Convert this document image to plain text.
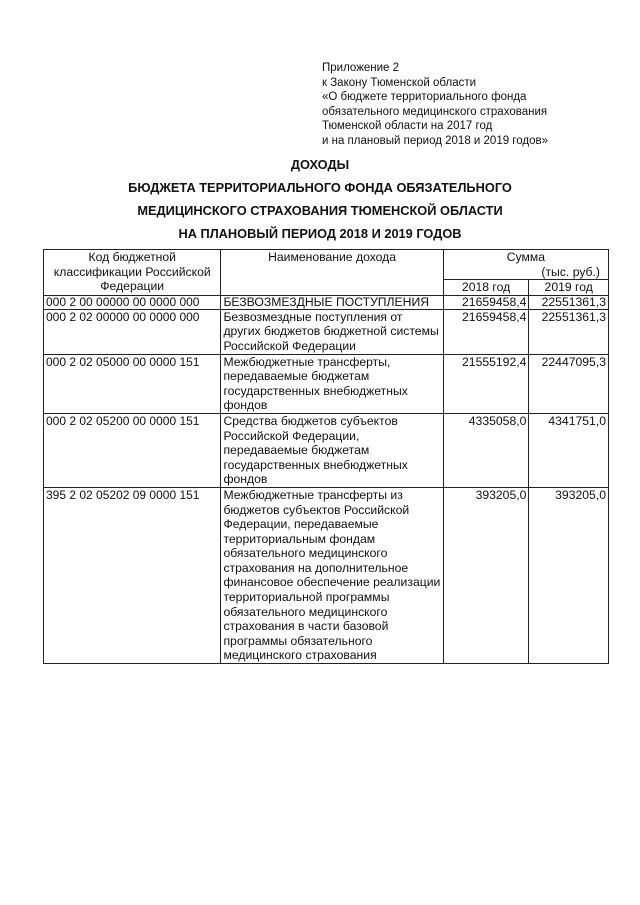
Приложение 2
к Закону Тюменской области
«О бюджете территориального фонда
обязательного медицинского страхования
Тюменской области на 2017 год
и на плановый период 2018 и 2019 годов»
ДОХОДЫ
БЮДЖЕТА ТЕРРИТОРИАЛЬНОГО ФОНДА ОБЯЗАТЕЛЬНОГО
МЕДИЦИНСКОГО СТРАХОВАНИЯ ТЮМЕНСКОЙ ОБЛАСТИ
НА ПЛАНОВЫЙ ПЕРИОД 2018 И 2019 ГОДОВ
Код бюджетной классификации Российской Федерации	Наименование дохода	Сумма
(тыс. руб.)	

		2018 год	2019 год
000 2 00 00000 00 0000 000	БЕЗВОЗМЕЗДНЫЕ ПОСТУПЛЕНИЯ	21659458,4	22551361,3
000 2 02 00000 00 0000 000	Безвозмездные поступления от других бюджетов бюджетной системы Российской Федерации	21659458,4	22551361,3
000 2 02 05000 00 0000 151	Межбюджетные трансферты, передаваемые бюджетам государственных внебюджетных фондов	21555192,4	22447095,3
000 2 02 05200 00 0000 151	Средства бюджетов субъектов Российской Федерации, передаваемые бюджетам государственных внебюджетных фондов	4335058,0	4341751,0
395 2 02 05202 09 0000 151	Межбюджетные трансферты из бюджетов субъектов Российской Федерации, передаваемые территориальным фондам обязательного медицинского страхования на дополнительное финансовое обеспечение реализации территориальной программы обязательного медицинского страхования в части базовой программы обязательного медицинского страхования	393205,0	393205,0
